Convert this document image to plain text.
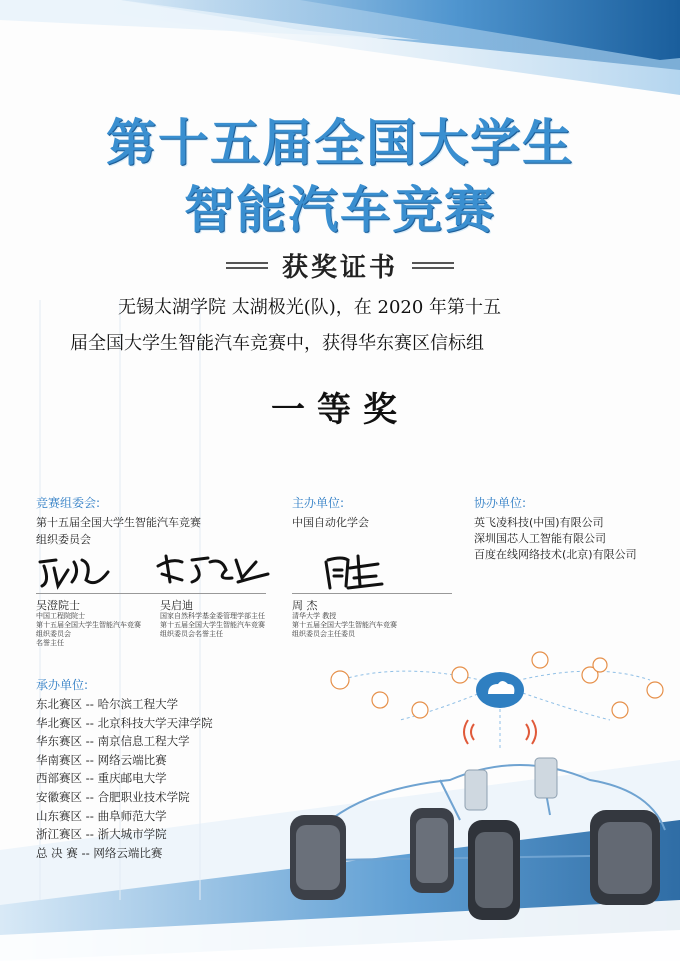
第十五届全国大学生
智能汽车竞赛
获奖证书
无锡太湖学院 太湖极光(队)，在 2020 年第十五
届全国大学生智能汽车竞赛中，获得华东赛区信标组
一等奖
竞赛组委会:
第十五届全国大学生智能汽车竞赛
组织委员会
主办单位:
中国自动化学会
协办单位:
英飞凌科技(中国)有限公司
深圳国芯人工智能有限公司
百度在线网络技术(北京)有限公司
吴澄院士
中国工程院院士
第十五届全国大学生智能汽车竞赛
组织委员会
名誉主任
吴启迪
国家自然科学基金委管理学部主任
第十五届全国大学生智能汽车竞赛
组织委员会名誉主任
周 杰
清华大学 教授
第十五届全国大学生智能汽车竞赛
组织委员会主任委员
承办单位:
东北赛区 -- 哈尔滨工程大学
华北赛区 -- 北京科技大学天津学院
华东赛区 -- 南京信息工程大学
华南赛区 -- 网络云端比赛
西部赛区 -- 重庆邮电大学
安徽赛区 -- 合肥职业技术学院
山东赛区 -- 曲阜师范大学
浙江赛区 -- 浙大城市学院
总 决 赛 -- 网络云端比赛
